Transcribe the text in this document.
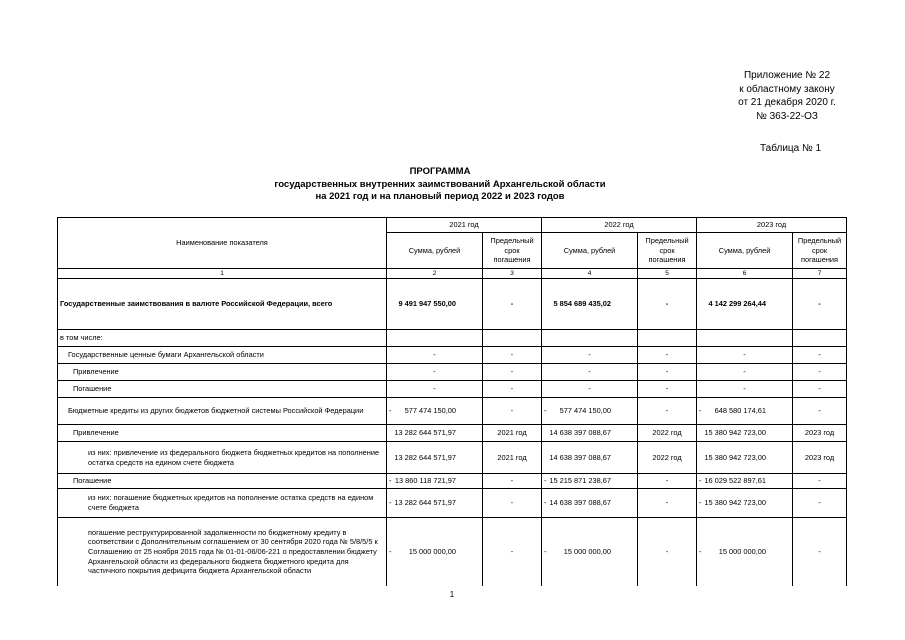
Приложение № 22
к областному закону
от 21 декабря 2020 г.
№ 363-22-ОЗ
Таблица № 1
ПРОГРАММА
государственных внутренних заимствований Архангельской области
на 2021 год и на плановый период 2022 и 2023 годов
Наименование показателя	2021 год		2022 год		2023 год	
	Сумма, рублей	Предельный срок погашения	Сумма, рублей	Предельный срок погашения	Сумма, рублей	Предельный срок погашения
1	2	3	4	5	6	7
Государственные заимствования в валюте Российской Федерации, всего	9 491 947 550,00	-	5 854 689 435,02	-	4 142 299 264,44	-
в том числе:						
Государственные ценные бумаги Архангельской области	-	-	-	-	-	-
Привлечение	-	-	-	-	-	-
Погашение	-	-	-	-	-	-
Бюджетные кредиты из других бюджетов бюджетной системы Российской Федерации	- 577 474 150,00	-	- 577 474 150,00	-	- 648 580 174,61	-
Привлечение	13 282 644 571,97	2021 год	14 638 397 088,67	2022 год	15 380 942 723,00	2023 год
из них: привлечение из федерального бюджета бюджетных кредитов на пополнение остатка средств на едином счете бюджета	13 282 644 571,97	2021 год	14 638 397 088,67	2022 год	15 380 942 723,00	2023 год
Погашение	- 13 860 118 721,97	-	- 15 215 871 238,67	-	- 16 029 522 897,61	-
из них: погашение бюджетных кредитов на пополнение остатка средств на едином счете бюджета	- 13 282 644 571,97	-	- 14 638 397 088,67	-	- 15 380 942 723,00	-
погашение реструктурированной задолженности по бюджетному кредиту в соответствии с Дополнительным соглашением от 30 сентября 2020 года № 5/8/5/5 к Соглашению от 25 ноября 2015 года № 01-01-06/06-221 о предоставлении бюджету Архангельской области из федерального бюджета бюджетного кредита для частичного покрытия дефицита бюджета Архангельской области	- 15 000 000,00	-	- 15 000 000,00	-	- 15 000 000,00	-
1
